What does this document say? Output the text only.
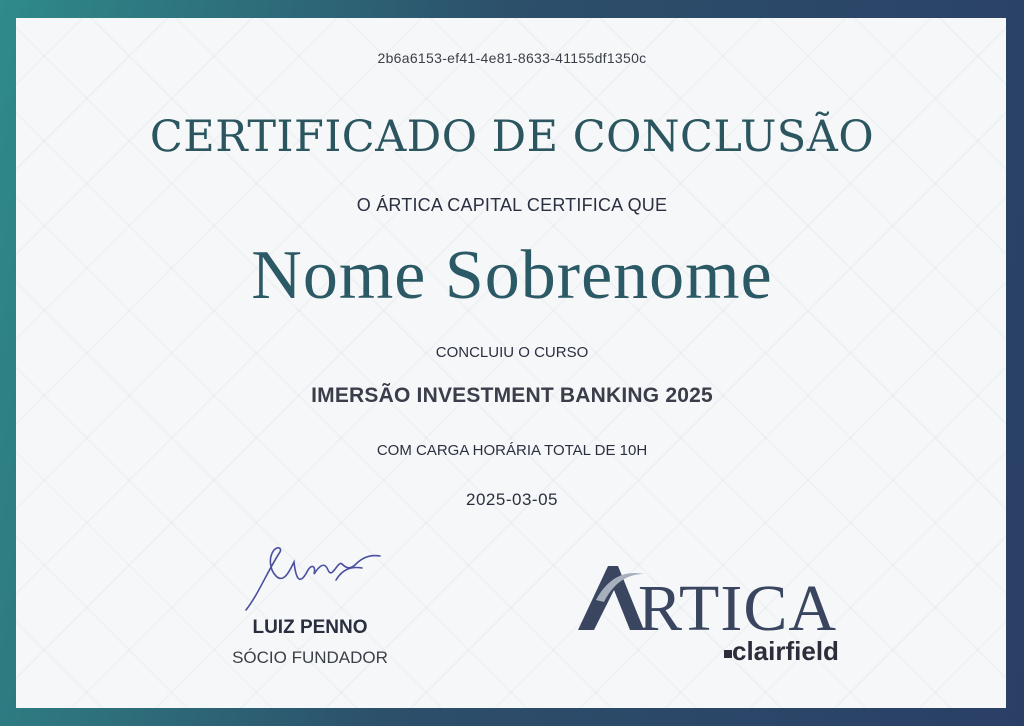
2b6a6153-ef41-4e81-8633-41155df1350c
CERTIFICADO DE CONCLUSÃO
O ÁRTICA CAPITAL CERTIFICA QUE
Nome Sobrenome
CONCLUIU O CURSO
IMERSÃO INVESTMENT BANKING 2025
COM CARGA HORÁRIA TOTAL DE 10H
2025-03-05
LUIZ PENNO
SÓCIO FUNDADOR
RTICA
clairfield
